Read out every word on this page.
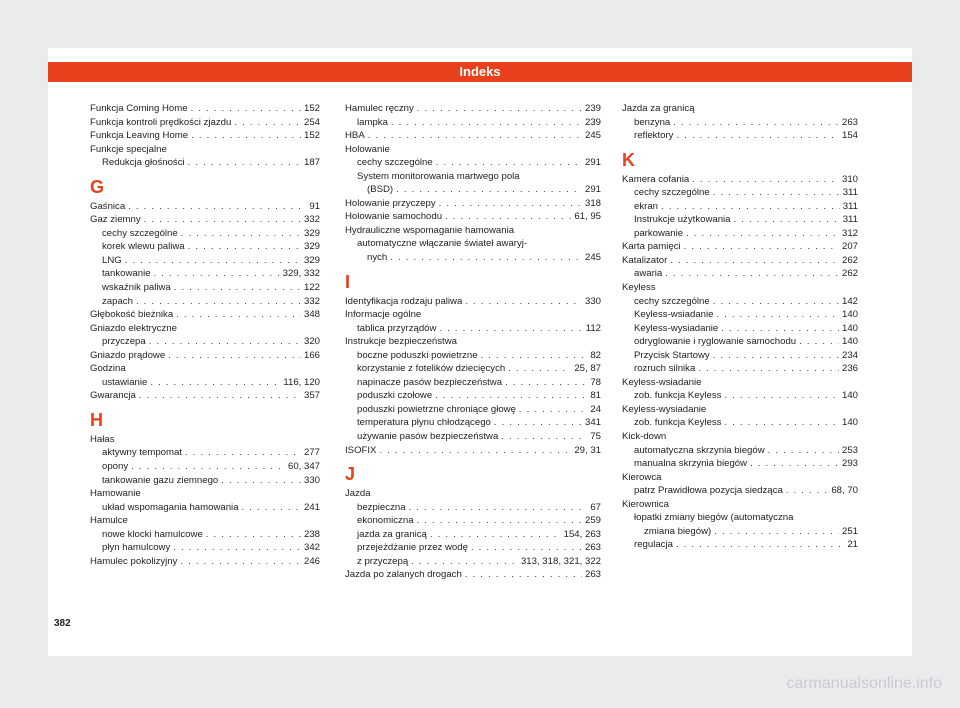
Indeks
Funkcja Coming Home . . .	152
Funkcja kontroli prędkości zjazdu . . .	254
Funkcja Leaving Home . . .	152
Funkcje specjalne
Redukcja głośności . . .	187
G
Gaśnica . . .	91
Gaz ziemny . . .	332
cechy szczególne . . .	329
korek wlewu paliwa . . .	329
LNG . . .	329
tankowanie . . .	329, 332
wskaźnik paliwa . . .	122
zapach . . .	332
Głębokość bieżnika . . .	348
Gniazdo elektryczne
przyczepa . . .	320
Gniazdo prądowe . . .	166
Godzina
ustawianie . . .	116, 120
Gwarancja . . .	357
H
Hałas
aktywny tempomat . . .	277
opony . . .	60, 347
tankowanie gazu ziemnego . . .	330
Hamowanie
układ wspomagania hamowania . . .	241
Hamulce
nowe klocki hamulcowe . . .	238
płyn hamulcowy . . .	342
Hamulec pokolizyjny . . .	246
Hamulec ręczny . . .	239
lampka . . .	239
HBA . . .	245
Holowanie
cechy szczególne . . .	291
System monitorowania martwego pola
(BSD) . . .	291
Holowanie przyczepy . . .	318
Holowanie samochodu . . .	61, 95
Hydrauliczne wspomaganie hamowania
automatyczne włączanie świateł awaryj-
nych . . .	245
I
Identyfikacja rodzaju paliwa . . .	330
Informacje ogólne
tablica przyrządów . . .	112
Instrukcje bezpieczeństwa
boczne poduszki powietrzne . . .	82
korzystanie z fotelików dziecięcych . . .	25, 87
napinacze pasów bezpieczeństwa . . .	78
poduszki czołowe . . .	81
poduszki powietrzne chroniące głowę . . .	24
temperatura płynu chłodzącego . . .	341
używanie pasów bezpieczeństwa . . .	75
ISOFIX . . .	29, 31
J
Jazda
bezpieczna . . .	67
ekonomiczna . . .	259
jazda za granicą . . .	154, 263
przejeżdżanie przez wodę . . .	263
z przyczepą . . .	313, 318, 321, 322
Jazda po zalanych drogach . . .	263
Jazda za granicą
benzyna . . .	263
reflektory . . .	154
K
Kamera cofania . . .	310
cechy szczególne . . .	311
ekran . . .	311
Instrukcje użytkowania . . .	311
parkowanie . . .	312
Karta pamięci . . .	207
Katalizator . . .	262
awaria . . .	262
Keyless
cechy szczególne . . .	142
Keyless-wsiadanie . . .	140
Keyless-wysiadanie . . .	140
odryglowanie i ryglowanie samochodu . . .	140
Przycisk Startowy . . .	234
rozruch silnika . . .	236
Keyless-wsiadanie
zob. funkcja Keyless . . .	140
Keyless-wysiadanie
zob. funkcja Keyless . . .	140
Kick-down
automatyczna skrzynia biegów . . .	253
manualna skrzynia biegów . . .	293
Kierowca
patrz Prawidłowa pozycja siedząca . . .	68, 70
Kierownica
łopatki zmiany biegów (automatyczna
zmiana biegów) . . .	251
regulacja . . .	21
382
carmanualsonline.info
